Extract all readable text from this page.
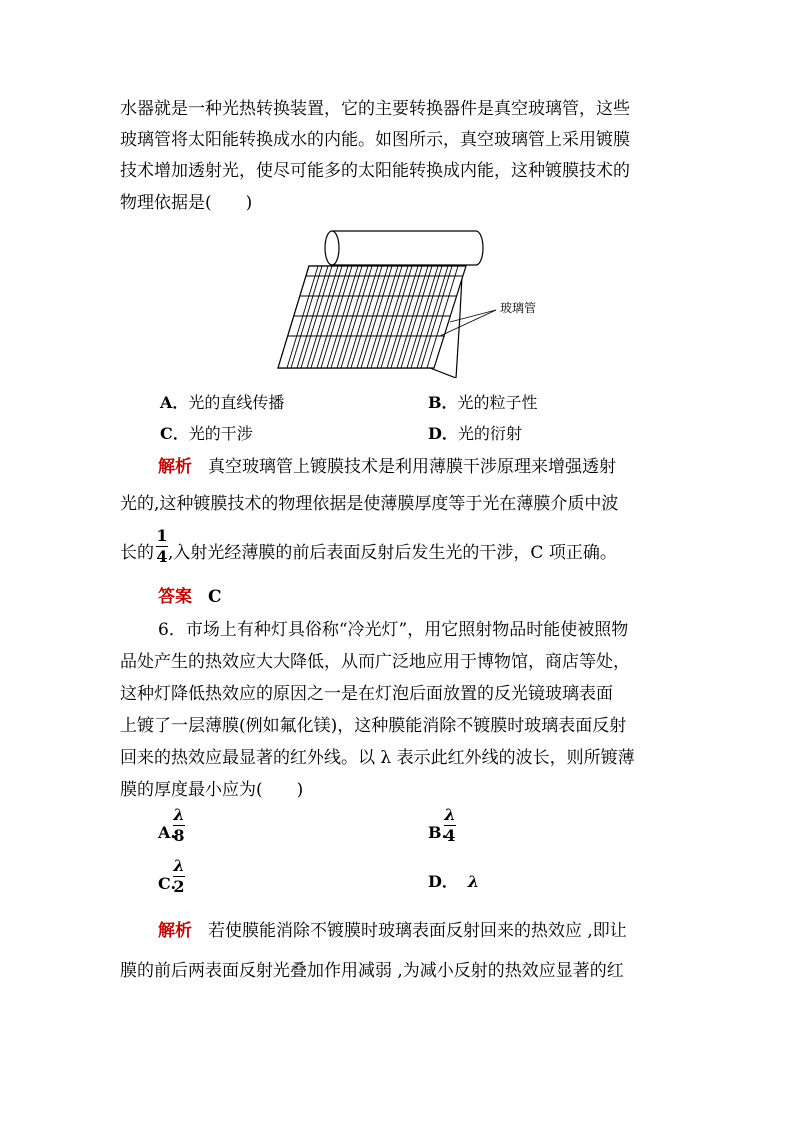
水器就是一种光热转换装置，它的主要转换器件是真空玻璃管，这些
玻璃管将太阳能转换成水的内能。如图所示，真空玻璃管上采用镀膜
技术增加透射光，使尽可能多的太阳能转换成内能，这种镀膜技术的
物理依据是(　　)
玻璃管
A．光的直线传播	B．光的粒子性
C．光的干涉	D．光的衍射
解析 真空玻璃管上镀膜技术是利用薄膜干涉原理来增强透射
光的,这种镀膜技术的物理依据是使薄膜厚度等于光在薄膜介质中波
长的 ,入射光经薄膜的前后表面反射后发生光的干涉，C 项正确。
1
4
答案 C
6．市场上有种灯具俗称“冷光灯”，用它照射物品时能使被照物
品处产生的热效应大大降低，从而广泛地应用于博物馆，商店等处，
这种灯降低热效应的原因之一是在灯泡后面放置的反光镜玻璃表面
上镀了一层薄膜(例如氟化镁)，这种膜能消除不镀膜时玻璃表面反射
回来的热效应最显著的红外线。以 λ 表示此红外线的波长，则所镀薄
膜的厚度最小应为(　　)
A.
λ
8	B.
λ
4
C.
λ
2	D． λ
解析 若使膜能消除不镀膜时玻璃表面反射回来的热效应 ,即让
膜的前后两表面反射光叠加作用减弱 ,为减小反射的热效应显著的红
